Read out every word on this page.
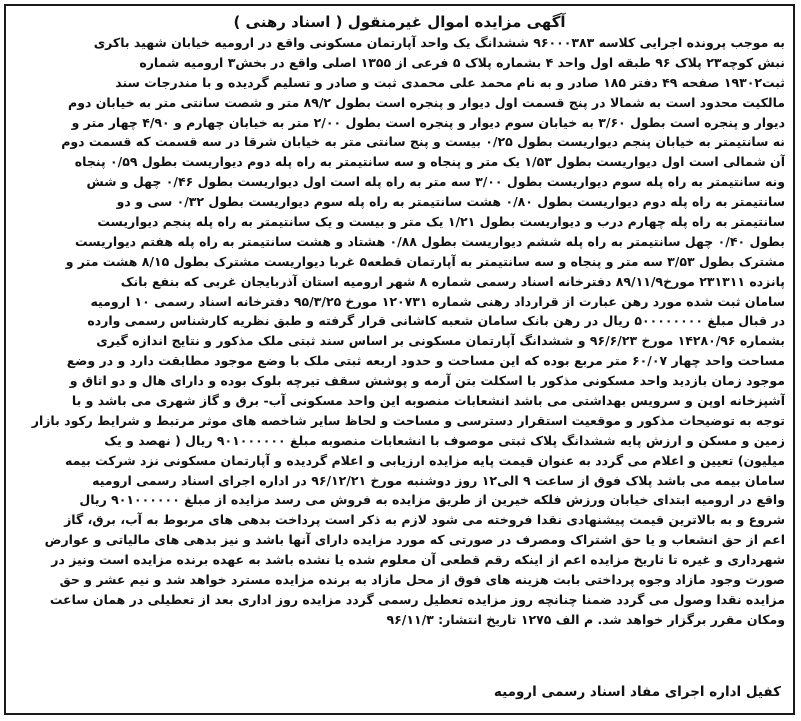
آگهی مزایده اموال غیرمنقول ( اسناد رهنی )
به موجب پرونده اجرایی کلاسه ۹۶۰۰۰۳۸۳ ششدانگ یک واحد آپارتمان مسکونی واقع در ارومیه خیابان شهید باکری
نبش کوچه۲۳ پلاک ۹۶ طبقه اول واحد ۴ بشماره پلاک ۵ فرعی از ۱۳۵۵ اصلی واقع در بخش۳ ارومیه شماره
ثبت۱۹۳۰۲ صفحه ۴۹ دفتر ۱۸۵ صادر و به نام محمد علی محمدی ثبت و صادر و تسلیم گردیده و با مندرجات سند
مالکیت محدود است به شمالا در پنج قسمت اول دیوار و پنجره است بطول ۸۹/۲ متر و شصت سانتی متر به خیابان دوم
دیوار و پنجره است بطول ۳/۶۰ به خیابان سوم دیوار و پنجره است بطول ۲/۰۰ متر به خیابان چهارم و ۴/۹۰ چهار متر و
نه سانتیمتر به خیابان پنجم دیواریست بطول ۰/۲۵ بیست و پنج سانتی متر به خیابان شرقا در سه قسمت که قسمت دوم
آن شمالی است اول دیواریست بطول ۱/۵۳ یک متر و پنجاه و سه سانتیمتر به راه پله دوم دیواریست بطول ۰/۵۹ پنجاه
ونه سانتیمتر به راه پله سوم دیواریست بطول ۳/۰۰ سه متر به راه پله است اول دیواریست بطول ۰/۴۶ چهل و شش
سانتیمتر به راه پله دوم دیواریست بطول ۰/۸۰ هشت سانتیمتر به راه پله سوم دیواریست بطول ۰/۳۲ سی و دو
سانتیمتر به راه پله چهارم درب و دیواریست بطول ۱/۲۱ یک متر و بیست و یک سانتیمتر به راه پله پنجم دیواریست
بطول ۰/۴۰ چهل سانتیمتر به راه پله ششم دیواریست بطول ۰/۸۸ هشتاد و هشت سانتیمتر به راه پله هفتم دیواریست
مشترک بطول ۳/۵۳ سه متر و پنجاه و سه سانتیمتر به آپارتمان قطعه۵ غربا دیواریست مشترک بطول ۸/۱۵ هشت متر و
پانزده ۲۳۱۳۱۱ مورخ۸۹/۱۱/۹ دفترخانه اسناد رسمی شماره ۸ شهر ارومیه استان آذربایجان غربی که بنفع بانک
سامان ثبت شده مورد رهن عبارت از قرارداد رهنی شماره ۱۲۰۷۳۱ مورخ ۹۵/۳/۲۵ دفترخانه اسناد رسمی ۱۰ ارومیه
در قبال مبلغ ۵۰۰۰۰۰۰۰۰ ریال در رهن بانک سامان شعبه کاشانی قرار گرفته و طبق نظریه کارشناس رسمی وارده
بشماره ۱۴۲۸۰/۹۶ مورخ ۹۶/۶/۲۳ و ششدانگ آپارتمان مسکونی بر اساس سند ثبتی ملک مذکور و نتایج اندازه گیری
مساحت واحد چهار ۶۰/۰۷ متر مربع بوده که این مساحت و حدود اربعه ثبتی ملک با وضع موجود مطابقت دارد و در وضع
موجود زمان بازدید واحد مسکونی مذکور با اسکلت بتن آرمه و پوشش سقف تیرچه بلوک بوده و دارای هال و دو اتاق و
آشپزخانه اوپن و سرویس بهداشتی می باشد انشعابات منصوبه این واحد مسکونی آب- برق و گاز شهری می باشد و با
توجه به توضیحات مذکور و موقعیت استقرار دسترسی و مساحت و لحاظ سایر شاخصه های موثر مرتبط و شرایط رکود بازار
زمین و مسکن و ارزش پایه ششدانگ پلاک ثبتی موصوف با انشعابات منصوبه مبلغ ۹۰۱۰۰۰۰۰۰ ریال ( نهصد و یک
میلیون) تعیین و اعلام می گردد به عنوان قیمت پایه مزایده ارزیابی و اعلام گردیده و آپارتمان مسکونی نزد شرکت بیمه
سامان بیمه می باشد پلاک فوق از ساعت ۹ الی۱۲ روز دوشنبه مورخ ۹۶/۱۲/۲۱ در اداره اجرای اسناد رسمی ارومیه
واقع در ارومیه ابتدای خیابان ورزش فلکه خیرین از طریق مزایده به فروش می رسد مزایده از مبلغ ۹۰۱۰۰۰۰۰۰ ریال
شروع و به بالاترین قیمت پیشنهادی نقدا فروخته می شود لازم به ذکر است پرداخت بدهی های مربوط به آب، برق، گاز
اعم از حق انشعاب و یا حق اشتراک ومصرف در صورتی که مورد مزایده دارای آنها باشد و نیز بدهی های مالیاتی و عوارض
شهرداری و غیره تا تاریخ مزایده اعم از اینکه رقم قطعی آن معلوم شده یا نشده باشد به عهده برنده مزایده است ونیز در
صورت وجود مازاد وجوه پرداختی بابت هزینه های فوق از محل مازاد به برنده مزایده مسترد خواهد شد و نیم عشر و حق
مزایده نقدا وصول می گردد ضمنا چنانچه روز مزایده تعطیل رسمی گردد مزایده روز اداری بعد از تعطیلی در همان ساعت
ومکان مقرر برگزار خواهد شد. م الف ۱۲۷۵ تاریخ انتشار: ۹۶/۱۱/۳
کفیل اداره اجرای مفاد اسناد رسمی ارومیه
